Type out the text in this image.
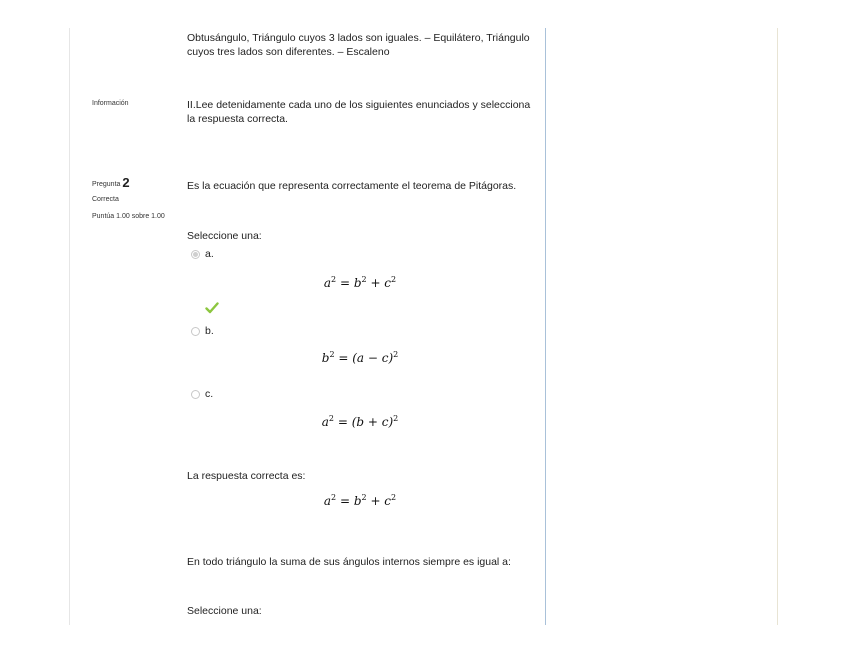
Obtusángulo, Triángulo cuyos 3 lados son iguales. – Equilátero, Triángulo cuyos tres lados son diferentes. – Escaleno
Información	II.Lee detenidamente cada uno de los siguientes enunciados y selecciona la respuesta correcta.
Pregunta 2
Correcta
Puntúa 1.00 sobre 1.00
Es la ecuación que representa correctamente el teorema de Pitágoras.
Seleccione una:
a.
$a^2 = b^2 + c^2$
b.
$b^2 = (a - c)^2$
c.
$a^2 = (b + c)^2$
La respuesta correcta es:
$a^2 = b^2 + c^2$
En todo triángulo la suma de sus ángulos internos siempre es igual a:
Seleccione una:
